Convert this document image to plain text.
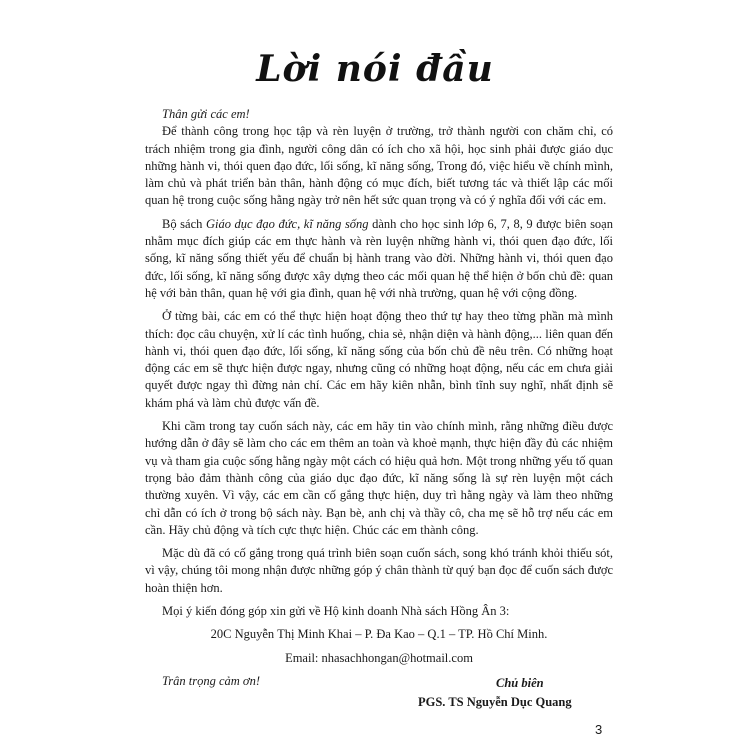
Lời nói đầu

Thân gửi các em!

Để thành công trong học tập và rèn luyện ở trường, trở thành người con chăm chỉ, có trách nhiệm trong gia đình, người công dân có ích cho xã hội, học sinh phải được giáo dục những hành vi, thói quen đạo đức, lối sống, kĩ năng sống, Trong đó, việc hiểu về chính mình, làm chủ và phát triển bản thân, hành động có mục đích, biết tương tác và thiết lập các mối quan hệ trong cuộc sống hằng ngày trở nên hết sức quan trọng và có ý nghĩa đối với các em.

Bộ sách Giáo dục đạo đức, kĩ năng sống dành cho học sinh lớp 6, 7, 8, 9 được biên soạn nhằm mục đích giúp các em thực hành và rèn luyện những hành vi, thói quen đạo đức, lối sống, kĩ năng sống thiết yếu để chuẩn bị hành trang vào đời. Những hành vi, thói quen đạo đức, lối sống, kĩ năng sống được xây dựng theo các mối quan hệ thể hiện ở bốn chủ đề: quan hệ với bản thân, quan hệ với gia đình, quan hệ với nhà trường, quan hệ với cộng đồng.

Ở từng bài, các em có thể thực hiện hoạt động theo thứ tự hay theo từng phần mà mình thích: đọc câu chuyện, xử lí các tình huống, chia sẻ, nhận diện và hành động,... liên quan đến hành vi, thói quen đạo đức, lối sống, kĩ năng sống của bốn chủ đề nêu trên. Có những hoạt động các em sẽ thực hiện được ngay, nhưng cũng có những hoạt động, nếu các em chưa giải quyết được ngay thì đừng nản chí. Các em hãy kiên nhẫn, bình tĩnh suy nghĩ, nhất định sẽ khám phá và làm chủ được vấn đề.

Khi cầm trong tay cuốn sách này, các em hãy tin vào chính mình, rằng những điều được hướng dẫn ở đây sẽ làm cho các em thêm an toàn và khoẻ mạnh, thực hiện đầy đủ các nhiệm vụ và tham gia cuộc sống hằng ngày một cách có hiệu quả hơn. Một trong những yếu tố quan trọng bảo đảm thành công của giáo dục đạo đức, kĩ năng sống là sự rèn luyện một cách thường xuyên. Vì vậy, các em cần cố gắng thực hiện, duy trì hằng ngày và làm theo những chỉ dẫn có ích ở trong bộ sách này. Bạn bè, anh chị và thầy cô, cha mẹ sẽ hỗ trợ nếu các em cần. Hãy chủ động và tích cực thực hiện. Chúc các em thành công.

Mặc dù đã có cố gắng trong quá trình biên soạn cuốn sách, song khó tránh khỏi thiếu sót, vì vậy, chúng tôi mong nhận được những góp ý chân thành từ quý bạn đọc để cuốn sách được hoàn thiện hơn.

Mọi ý kiến đóng góp xin gửi về Hộ kinh doanh Nhà sách Hồng Ân 3:

20C Nguyễn Thị Minh Khai – P. Đa Kao – Q.1 – TP. Hồ Chí Minh.

Email: nhasachhongan@hotmail.com

Trân trọng cảm ơn!	Chủ biên
PGS. TS Nguyễn Dục Quang
3
